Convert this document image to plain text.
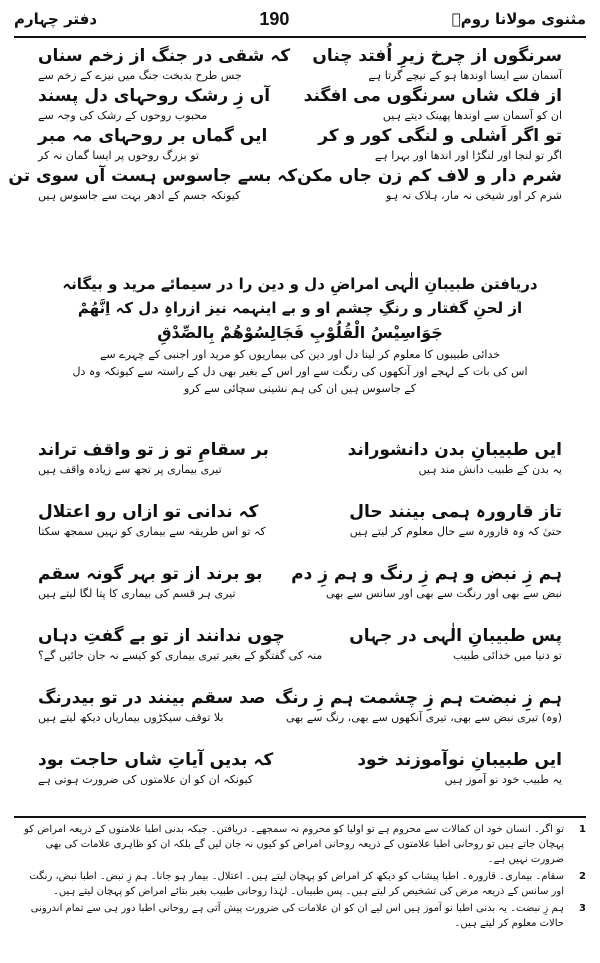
دفتر چہارم	190	مثنوی مولانا رومؒ
سرنگوں از چرخ زیرِ اُفتد چناں
کہ شقی در جنگ از زخم سناں
آسمان سے ایسا اوندھا ہو کے نیچے گرتا ہے
جس طرح بدبخت جنگ میں نیزے کے زخم سے
از فلک شاں سرنگوں می افگند
آں زِ رشک روحہای دل پسند
ان کو آسمان سے اوندھا پھینک دیتے ہیں
محبوب روحوں کے رشک کی وجہ سے
تو اگر اَشلی و لنگی کور و کر
ایں گماں بر روحہای مہ مبر
اگر تو لنجا اور لنگڑا اور اندھا اور بہرا ہے
تو بزرگ روحوں پر ایسا گمان نہ کر
شرم دار و لاف کم زن جاں مکن
کہ بسے جاسوس ہست آں سوی تن
شرم کر اور شیخی نہ مار، ہلاک نہ ہو
کیونکہ جسم کے ادھر بہت سے جاسوس ہیں
دریافتن طبیبانِ الٰہی امراضِ دل و دین را در سیمائے مرید و بیگانہ
از لحنِ گفتار و رنگِ چشم او و بے اینہمہ نیز ازراہِ دل کہ اِنَّھُمْ
جَوَاسِیْسُ الْقُلُوْبِ فَجَالِسُوْھُمْ بِالصِّدْقِ
خدائی طبیبوں کا معلوم کر لینا دل اور دین کی بیماریوں کو مرید اور اجنبی کے چہرے سے
اس کی بات کے لہجے اور آنکھوں کی رنگت سے اور اس کے بغیر بھی دل کے راستہ سے کیونکہ وہ دل
کے جاسوس ہیں ان کی ہم نشینی سچائی سے کرو
ایں طبیبانِ بدن دانشوراند
بر سقامِ تو ز تو واقف تراند
یہ بدن کے طبیب دانش مند ہیں
تیری بیماری پر تجھ سے زیادہ واقف ہیں
تاز قارورہ ہمی بینند حال
کہ ندانی تو ازاں رو اعتلال
حتیٰ کہ وہ قارورہ سے حال معلوم کر لیتے ہیں
کہ تو اس طریقہ سے بیماری کو نہیں سمجھ سکتا
ہم زِ نبض و ہم زِ رنگ و ہم زِ دم
بو برند از تو بہر گونہ سقم
نبض سے بھی اور رنگت سے بھی اور سانس سے بھی
تیری ہر قسم کی بیماری کا پتا لگا لیتے ہیں
پس طبیبانِ الٰہی در جہاں
چوں ندانند از تو بے گفتِ دہاں
تو دنیا میں خدائی طبیب
منہ کی گفتگو کے بغیر تیری بیماری کو کیسے نہ جان جائیں گے؟
ہم زِ نبضت ہم زِ چشمت ہم زِ رنگ
صد سقم بینند در تو بیدرنگ
(وہ) تیری نبض سے بھی، تیری آنکھوں سے بھی، رنگ سے بھی
بلا توقف سیکڑوں بیماریاں دیکھ لیتے ہیں
ایں طبیبانِ نوآموزند خود
کہ بدیں آیاتِ شاں حاجت بود
یہ طبیب خود نو آموز ہیں
کیونکہ ان کو ان علامتوں کی ضرورت ہوتی ہے
1
تو اگر۔ انسان خود ان کمالات سے محروم ہے تو اولیا کو محروم نہ سمجھے۔ دریافتن۔ جبکہ بدنی اطبا علامتوں کے ذریعہ امراض کو پہچان جاتے ہیں تو روحانی اطبا علامتوں کے ذریعہ روحانی امراض کو کیوں نہ جان لیں گے بلکہ ان کو ظاہری علامات کی بھی ضرورت نہیں ہے۔
2
سقام۔ بیماری۔ قارورہ۔ اطبا پیشاب کو دیکھ کر امراض کو پہچان لیتے ہیں۔ اعتلال۔ بیمار ہو جانا۔ ہم زِ نبض۔ اطبا نبض، رنگت اور سانس کے ذریعہ مرض کی تشخیص کر لیتے ہیں۔ پس طبیباں۔ لہٰذا روحانی طبیب بغیر بتائے امراض کو پہچان لیتے ہیں۔
3
ہم زِ نبضت۔ یہ بدنی اطبا نو آموز ہیں اس لیے ان کو ان علامات کی ضرورت پیش آتی ہے روحانی اطبا دور ہی سے تمام اندرونی حالات معلوم کر لیتے ہیں۔
